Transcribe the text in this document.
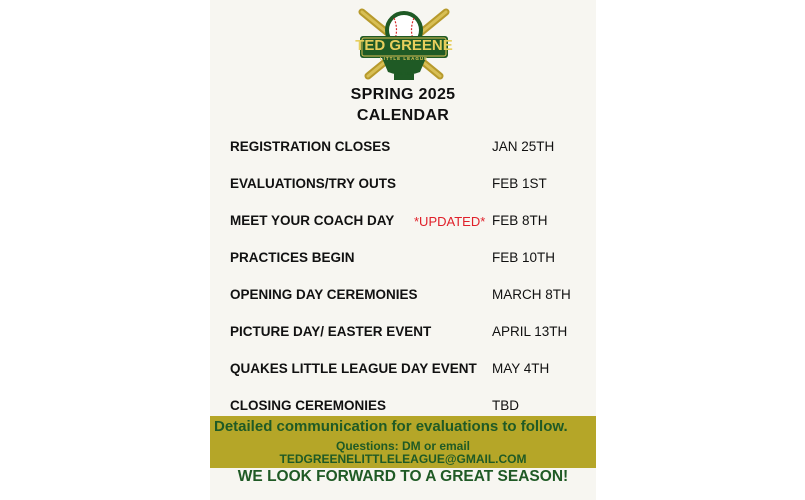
TED GREENE
LITTLE LEAGUE
EST. 1954
SPRING 2025
CALENDAR
REGISTRATION CLOSES	JAN 25TH
EVALUATIONS/TRY OUTS	FEB 1ST
MEET YOUR COACH DAY *UPDATED* FEB 8TH
PRACTICES BEGIN	FEB 10TH
OPENING DAY CEREMONIES	MARCH 8TH
PICTURE DAY/ EASTER EVENT	APRIL 13TH
QUAKES LITTLE LEAGUE DAY EVENT MAY 4TH
CLOSING CEREMONIES	TBD
Detailed communication for evaluations to follow.
Questions: DM or email
TEDGREENELITTLELEAGUE@GMAIL.COM
WE LOOK FORWARD TO A GREAT SEASON!
